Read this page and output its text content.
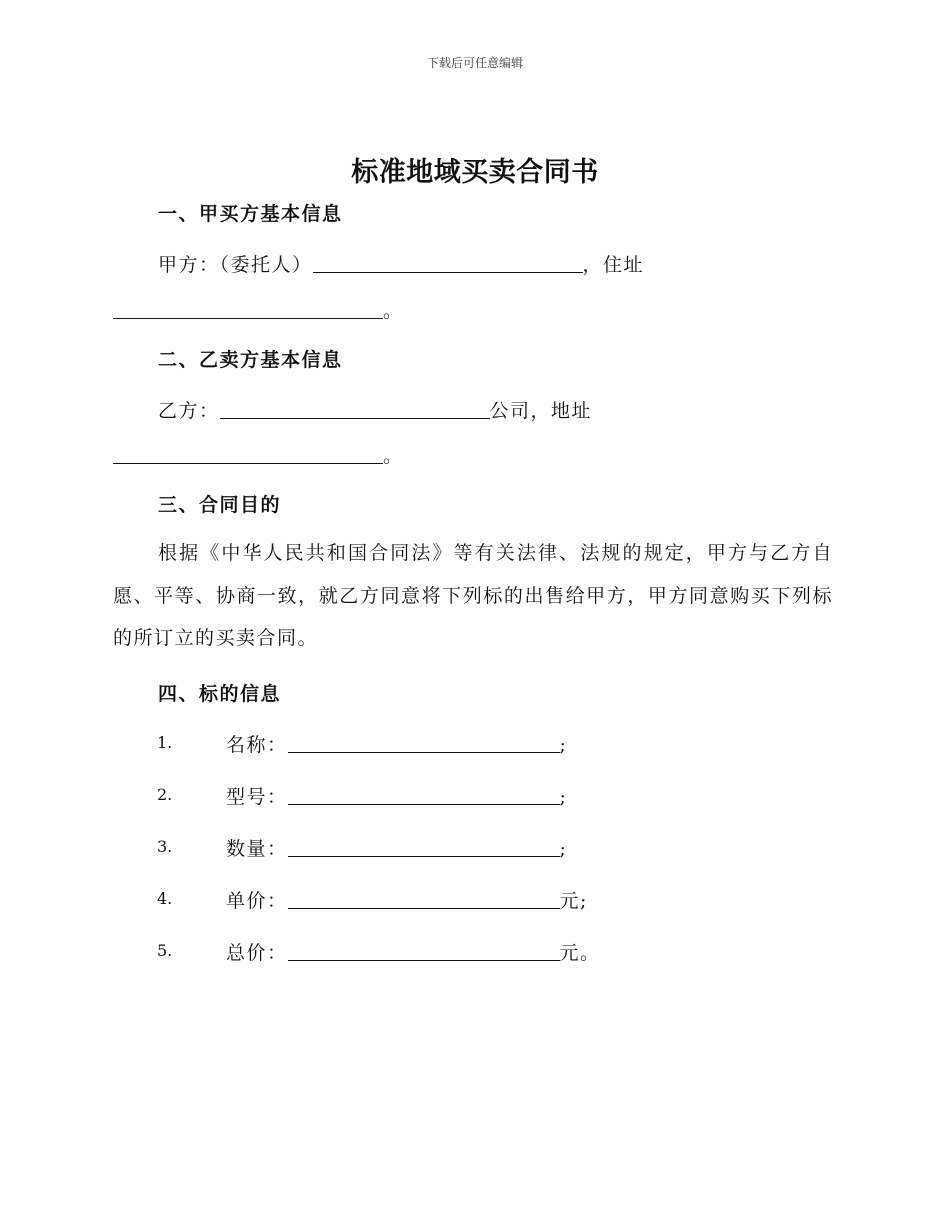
下载后可任意编辑
标准地域买卖合同书
一、甲买方基本信息
甲方：（委托人）	，住址
。
二、乙卖方基本信息
乙方：	公司，地址
。
三、合同目的
根据《中华人民共和国合同法》等有关法律、法规的规定，甲方与乙方自愿、平等、协商一致，就乙方同意将下列标的出售给甲方，甲方同意购买下列标的所订立的买卖合同。
四、标的信息
1.	名称：	;
2.	型号：	;
3.	数量：	;
4.	单价：	元;
5.	总价：	元。
